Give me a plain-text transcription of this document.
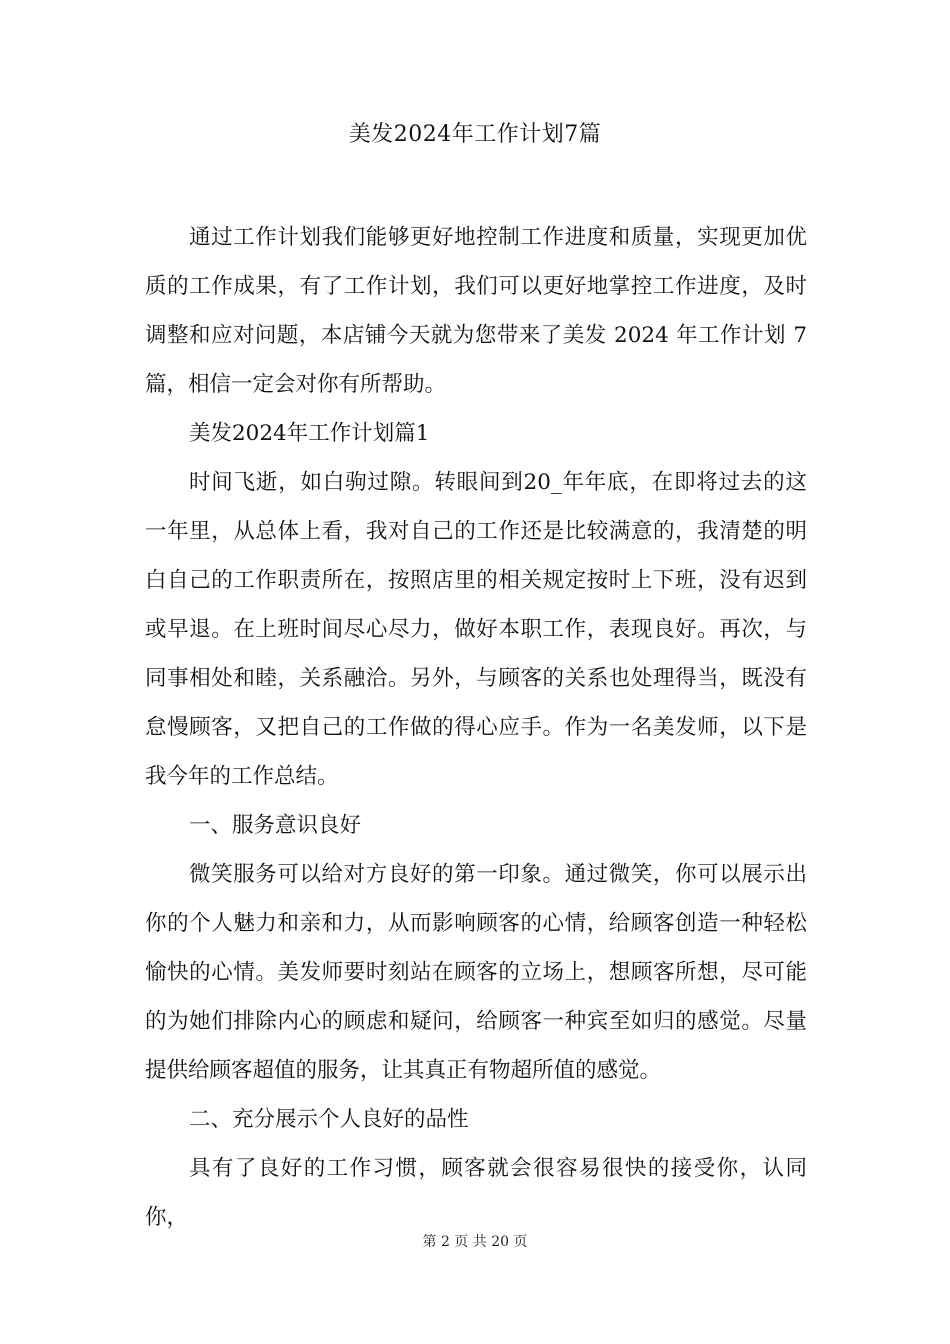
美发2024年工作计划7篇

通过工作计划我们能够更好地控制工作进度和质量，实现更加优质的工作成果，有了工作计划，我们可以更好地掌控工作进度，及时调整和应对问题，本店铺今天就为您带来了美发 2024 年工作计划 7 篇，相信一定会对你有所帮助。

美发2024年工作计划篇1

时间飞逝，如白驹过隙。转眼间到20_年年底，在即将过去的这一年里，从总体上看，我对自己的工作还是比较满意的，我清楚的明白自己的工作职责所在，按照店里的相关规定按时上下班，没有迟到或早退。在上班时间尽心尽力，做好本职工作，表现良好。再次，与同事相处和睦，关系融洽。另外，与顾客的关系也处理得当，既没有怠慢顾客，又把自己的工作做的得心应手。作为一名美发师，以下是我今年的工作总结。

一、服务意识良好

微笑服务可以给对方良好的第一印象。通过微笑，你可以展示出你的个人魅力和亲和力，从而影响顾客的心情，给顾客创造一种轻松愉快的心情。美发师要时刻站在顾客的立场上，想顾客所想，尽可能的为她们排除内心的顾虑和疑问，给顾客一种宾至如归的感觉。尽量提供给顾客超值的服务，让其真正有物超所值的感觉。

二、充分展示个人良好的品性

具有了良好的工作习惯，顾客就会很容易很快的接受你，认同你，

第 2 页 共 20 页
